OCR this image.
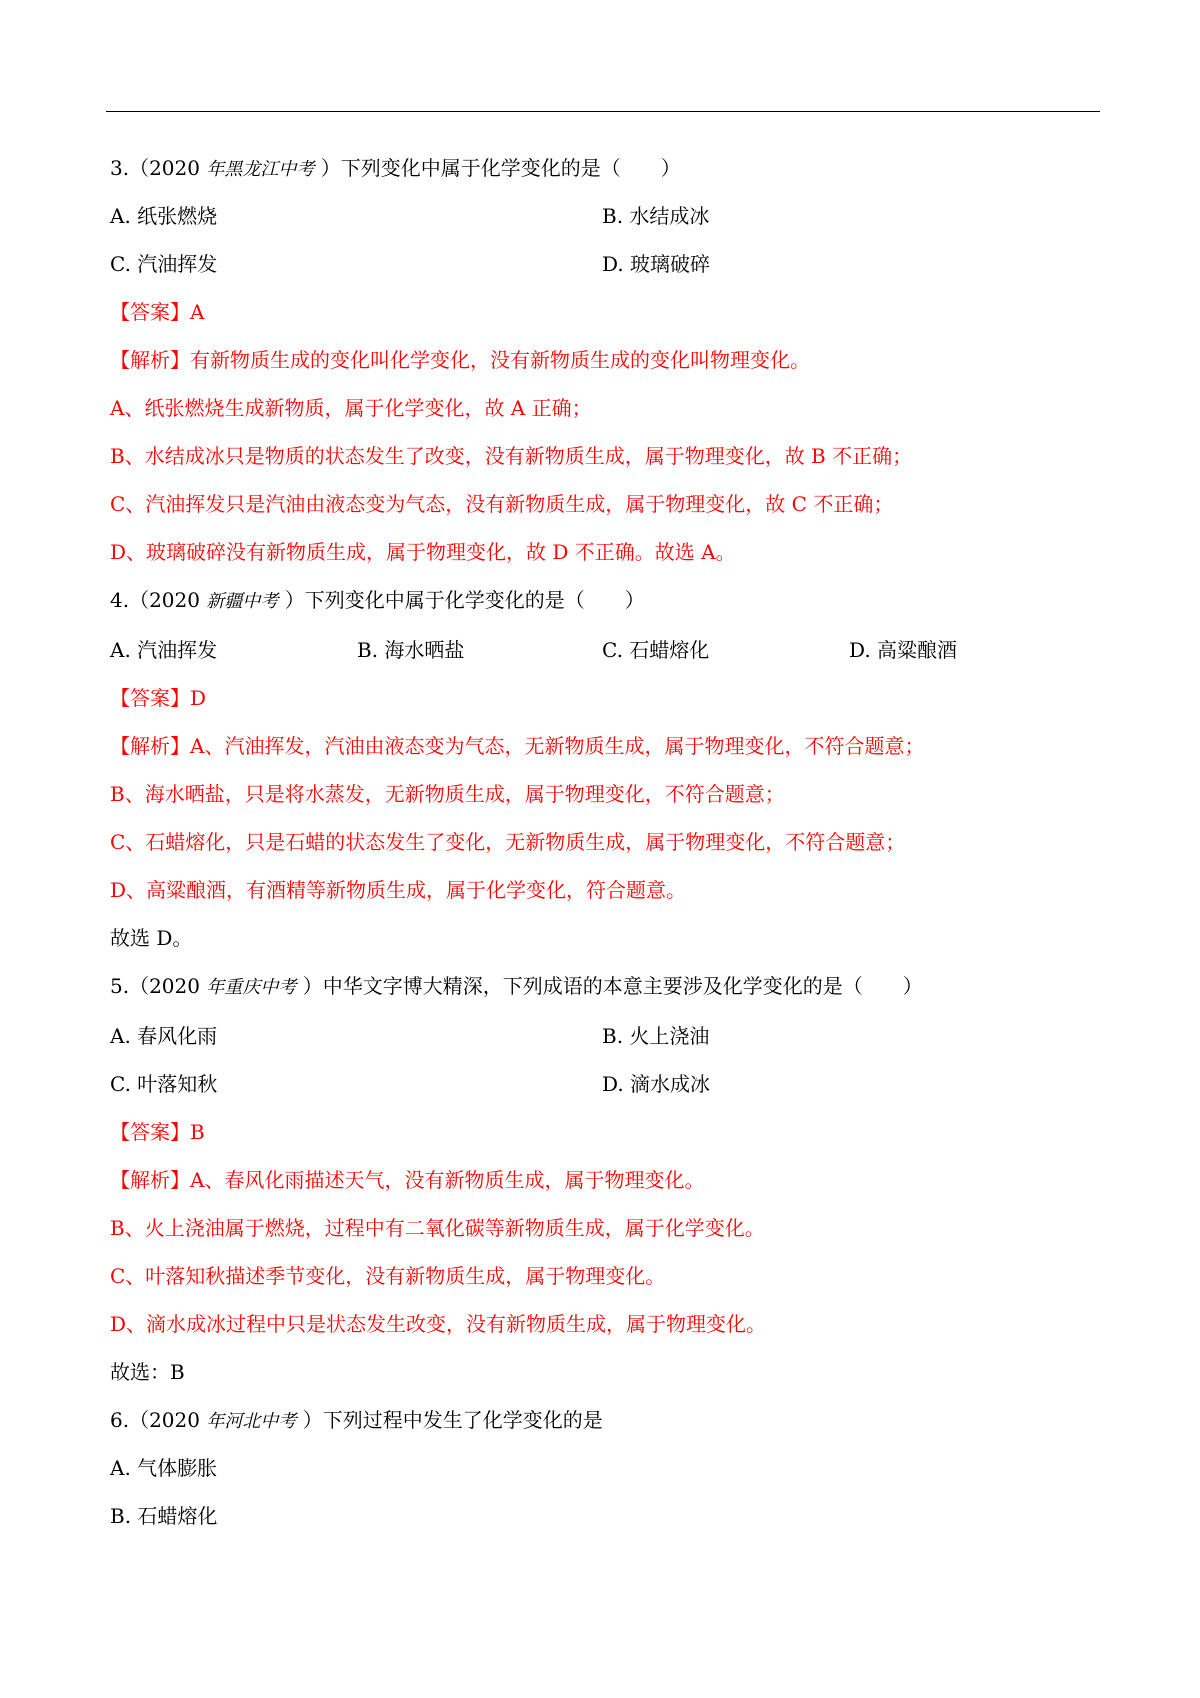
3.（2020 年黑龙江中考 ）下列变化中属于化学变化的是（　　）
A. 纸张燃烧	B. 水结成冰
C. 汽油挥发	D. 玻璃破碎
【答案】A
【解析】有新物质生成的变化叫化学变化，没有新物质生成的变化叫物理变化。
A、纸张燃烧生成新物质，属于化学变化，故 A 正确；
B、水结成冰只是物质的状态发生了改变，没有新物质生成，属于物理变化，故 B 不正确；
C、汽油挥发只是汽油由液态变为气态，没有新物质生成，属于物理变化，故 C 不正确；
D、玻璃破碎没有新物质生成，属于物理变化，故 D 不正确。故选 A。
4.（2020 新疆中考 ）下列变化中属于化学变化的是（　　）
A. 汽油挥发	B. 海水晒盐	C. 石蜡熔化	D. 高粱酿酒
【答案】D
【解析】A、汽油挥发，汽油由液态变为气态，无新物质生成，属于物理变化，不符合题意；
B、海水晒盐，只是将水蒸发，无新物质生成，属于物理变化，不符合题意；
C、石蜡熔化，只是石蜡的状态发生了变化，无新物质生成，属于物理变化，不符合题意；
D、高粱酿酒，有酒精等新物质生成，属于化学变化，符合题意。
故选 D。
5.（2020 年重庆中考 ）中华文字博大精深，下列成语的本意主要涉及化学变化的是（　　）
A. 春风化雨	B. 火上浇油
C. 叶落知秋	D. 滴水成冰
【答案】B
【解析】A、春风化雨描述天气，没有新物质生成，属于物理变化。
B、火上浇油属于燃烧，过程中有二氧化碳等新物质生成，属于化学变化。
C、叶落知秋描述季节变化，没有新物质生成，属于物理变化。
D、滴水成冰过程中只是状态发生改变，没有新物质生成，属于物理变化。
故选：B
6.（2020 年河北中考 ）下列过程中发生了化学变化的是
A. 气体膨胀
B. 石蜡熔化
